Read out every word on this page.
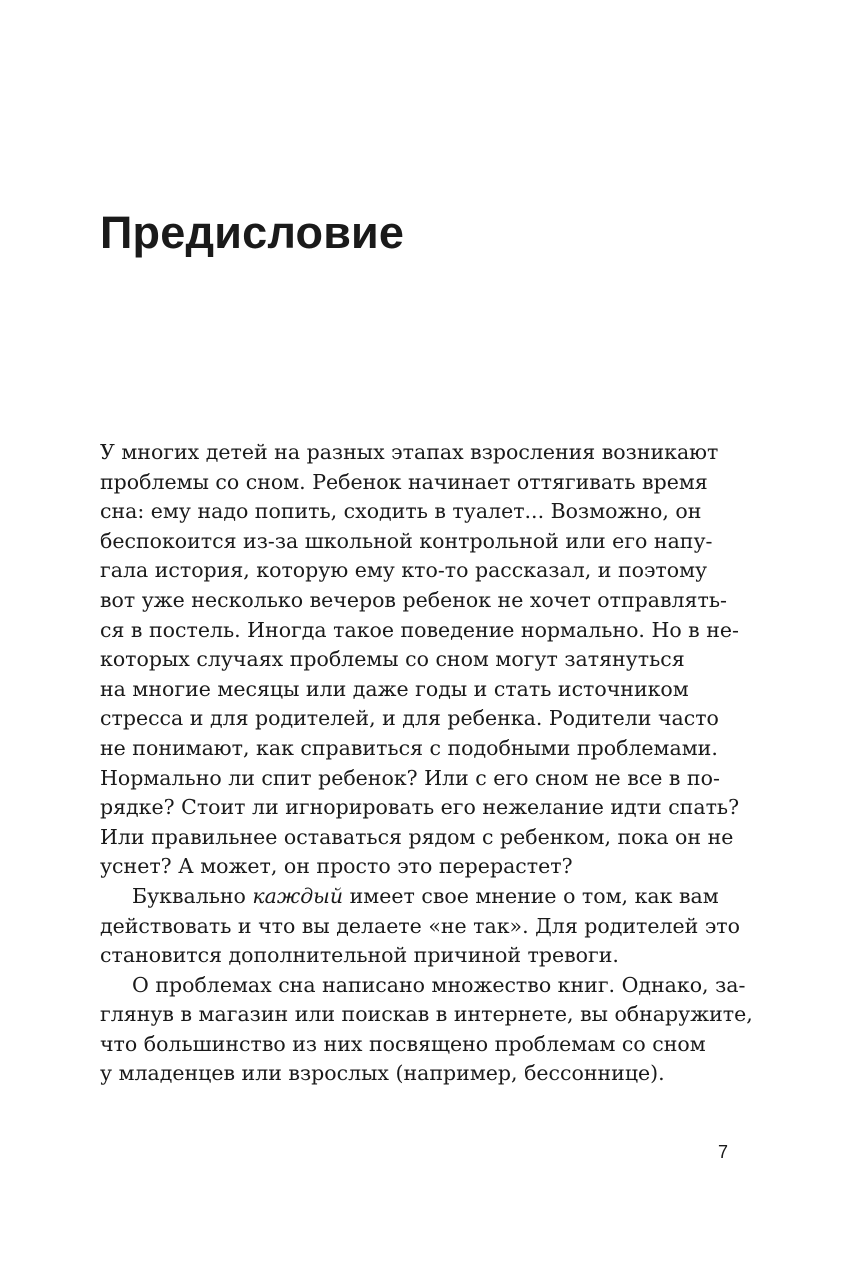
Предисловие
У многих детей на разных этапах взросления возникают
проблемы со сном. Ребенок начинает оттягивать время
сна: ему надо попить, сходить в туалет... Возможно, он
беспокоится из-за школьной контрольной или его напу-
гала история, которую ему кто-то рассказал, и поэтому
вот уже несколько вечеров ребенок не хочет отправлять-
ся в постель. Иногда такое поведение нормально. Но в не-
которых случаях проблемы со сном могут затянуться
на многие месяцы или даже годы и стать источником
стресса и для родителей, и для ребенка. Родители часто
не понимают, как справиться с подобными проблемами.
Нормально ли спит ребенок? Или с его сном не все в по-
рядке? Стоит ли игнорировать его нежелание идти спать?
Или правильнее оставаться рядом с ребенком, пока он не
уснет? А может, он просто это перерастет?
Буквально каждый имеет свое мнение о том, как вам
действовать и что вы делаете «не так». Для родителей это
становится дополнительной причиной тревоги.
О проблемах сна написано множество книг. Однако, за-
глянув в магазин или поискав в интернете, вы обнаружите,
что большинство из них посвящено проблемам со сном
у младенцев или взрослых (например, бессоннице).
7
